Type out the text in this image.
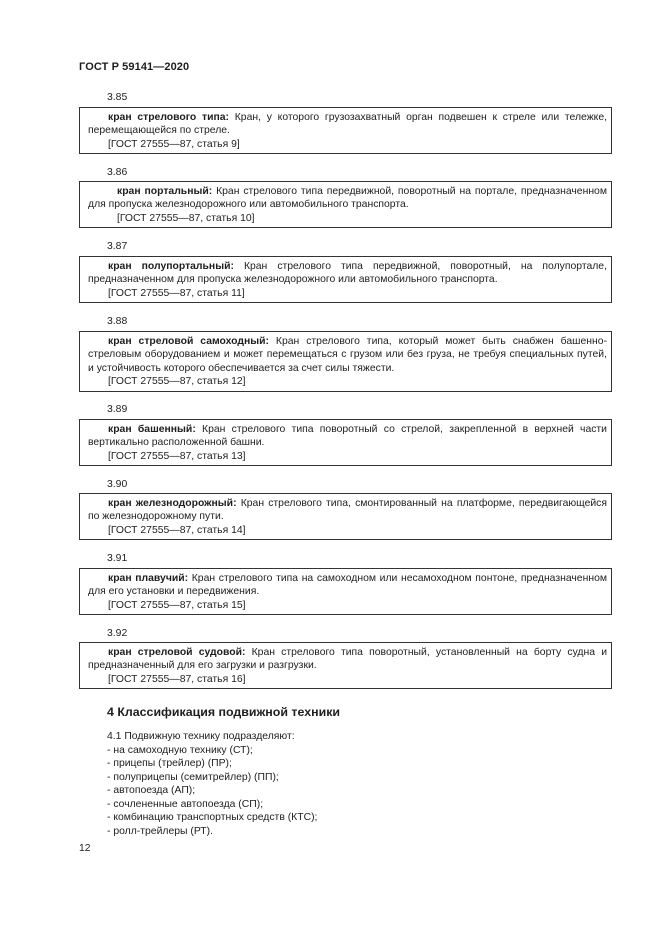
ГОСТ Р 59141—2020
3.85

кран стрелового типа: Кран, у которого грузозахватный орган подвешен к стреле или тележке, перемещающейся по стреле.

[ГОСТ 27555—87, статья 9]

3.86

кран портальный: Кран стрелового типа передвижной, поворотный на портале, предназначенном для пропуска железнодорожного или автомобильного транспорта.

[ГОСТ 27555—87, статья 10]

3.87

кран полупортальный: Кран стрелового типа передвижной, поворотный, на полупортале, предназначенном для пропуска железнодорожного или автомобильного транспорта.

[ГОСТ 27555—87, статья 11]

3.88

кран стреловой самоходный: Кран стрелового типа, который может быть снабжен башенно-стреловым оборудованием и может перемещаться с грузом или без груза, не требуя специальных путей, и устойчивость которого обеспечивается за счет силы тяжести.

[ГОСТ 27555—87, статья 12]

3.89

кран башенный: Кран стрелового типа поворотный со стрелой, закрепленной в верхней части вертикально расположенной башни.

[ГОСТ 27555—87, статья 13]

3.90

кран железнодорожный: Кран стрелового типа, смонтированный на платформе, передвигающейся по железнодорожному пути.

[ГОСТ 27555—87, статья 14]

3.91

кран плавучий: Кран стрелового типа на самоходном или несамоходном понтоне, предназначенном для его установки и передвижения.

[ГОСТ 27555—87, статья 15]

3.92

кран стреловой судовой: Кран стрелового типа поворотный, установленный на борту судна и предназначенный для его загрузки и разгрузки.

[ГОСТ 27555—87, статья 16]

4 Классификация подвижной техники
4.1 Подвижную технику подразделяют:
- на самоходную технику (СТ);
- прицепы (трейлер) (ПР);
- полуприцепы (семитрейлер) (ПП);
- автопоезда (АП);
- сочлененные автопоезда (СП);
- комбинацию транспортных средств (КТС);
- ролл-трейлеры (РТ).
12
